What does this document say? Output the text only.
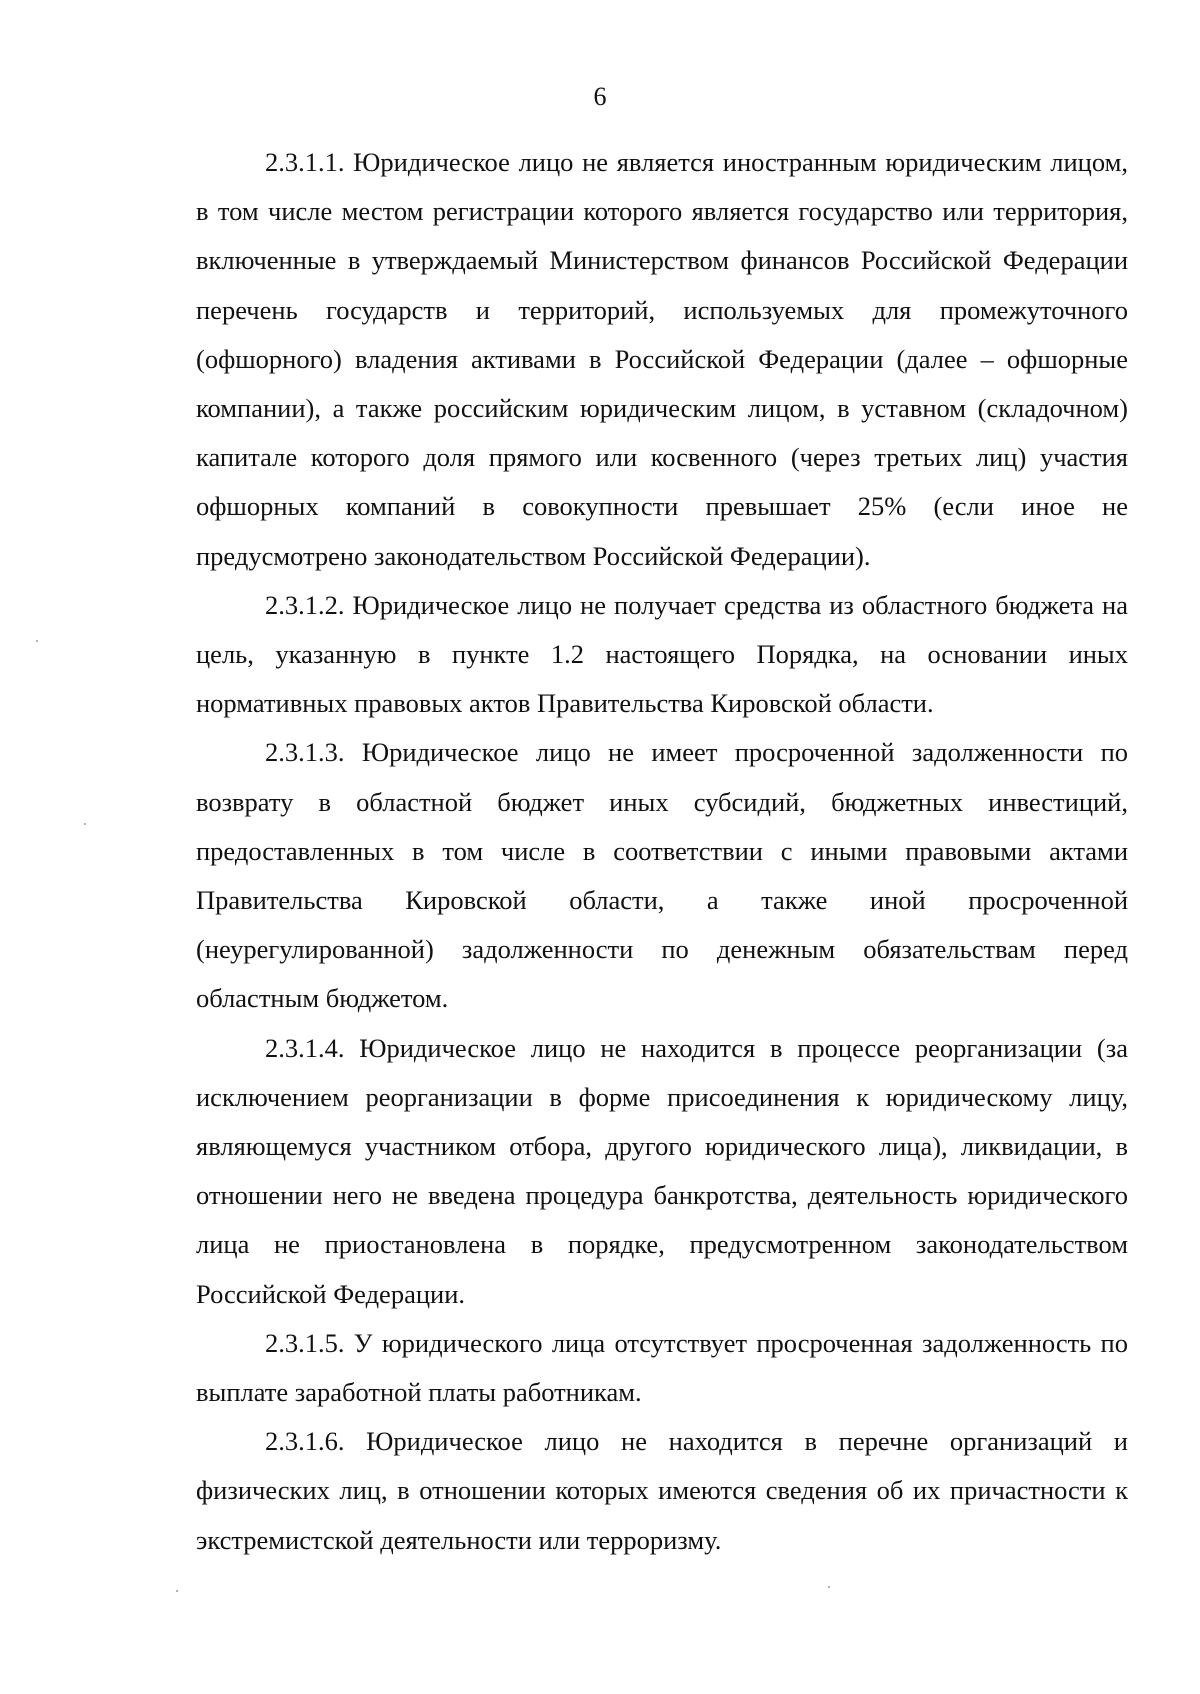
6

2.3.1.1. Юридическое лицо не является иностранным юридическим лицом, в том числе местом регистрации которого является государство или территория, включенные в утверждаемый Министерством финансов Российской Федерации перечень государств и территорий, используемых для промежуточного (офшорного) владения активами в Российской Федерации (далее – офшорные компании), а также российским юридическим лицом, в уставном (складочном) капитале которого доля прямого или косвенного (через третьих лиц) участия офшорных компаний в совокупности превышает 25% (если иное не предусмотрено законодательством Российской Федерации).

2.3.1.2. Юридическое лицо не получает средства из областного бюджета на цель, указанную в пункте 1.2 настоящего Порядка, на основании иных нормативных правовых актов Правительства Кировской области.

2.3.1.3. Юридическое лицо не имеет просроченной задолженности по возврату в областной бюджет иных субсидий, бюджетных инвестиций, предоставленных в том числе в соответствии с иными правовыми актами Правительства Кировской области, а также иной просроченной (неурегулированной) задолженности по денежным обязательствам перед областным бюджетом.

2.3.1.4. Юридическое лицо не находится в процессе реорганизации (за исключением реорганизации в форме присоединения к юридическому лицу, являющемуся участником отбора, другого юридического лица), ликвидации, в отношении него не введена процедура банкротства, деятельность юридического лица не приостановлена в порядке, предусмотренном законодательством Российской Федерации.

2.3.1.5. У юридического лица отсутствует просроченная задолженность по выплате заработной платы работникам.

2.3.1.6. Юридическое лицо не находится в перечне организаций и физических лиц, в отношении которых имеются сведения об их причастности к экстремистской деятельности или терроризму.
